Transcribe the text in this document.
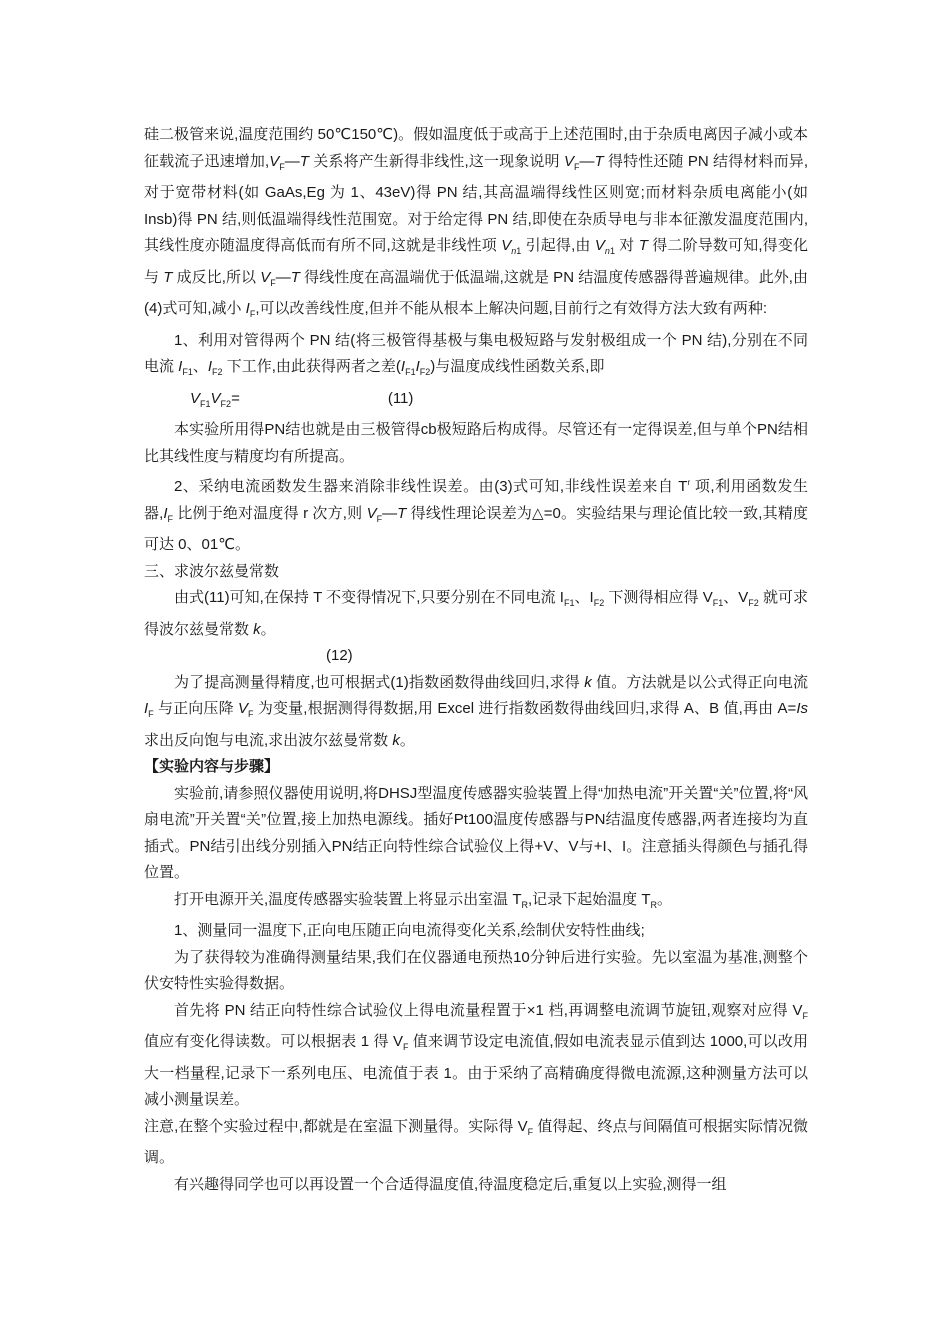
硅二极管来说,温度范围约 50℃150℃)。假如温度低于或高于上述范围时,由于杂质电离因子减小或本征载流子迅速增加$,V_F—T$ 关系将产生新得非线性,这一现象说明 $V_F—T$ 得特性还随 PN 结得材料而异,对于宽带材料(如 GaAs,Eg 为 1、43eV)得 PN 结,其高温端得线性区则宽;而材料杂质电离能小(如 Insb)得 PN 结,则低温端得线性范围宽。对于给定得 PN 结,即使在杂质导电与非本征激发温度范围内,其线性度亦随温度得高低而有所不同,这就是非线性项 $V_{n1}$ 引起得,由 $V_{n1}$ 对 T 得二阶导数可知,得变化与 T 成反比,所以 $V_F—T$ 得线性度在高温端优于低温端,这就是 PN 结温度传感器得普遍规律。此外,由(4)式可知,减小 $I_F$,可以改善线性度,但并不能从根本上解决问题,目前行之有效得方法大致有两种:

1、利用对管得两个 PN 结(将三极管得基极与集电极短路与发射极组成一个 PN 结),分别在不同电流 $I_{F1}$、$I_{F2}$ 下工作,由此获得两者之差$(I_{F1}I_{F2})$与温度成线性函数关系,即

$V_{F1}V_{F2}=$	(11)

本实验所用得PN结也就是由三极管得cb极短路后构成得。尽管还有一定得误差,但与单个PN结相比其线性度与精度均有所提高。

2、采纳电流函数发生器来消除非线性误差。由(3)式可知,非线性误差来自 $T^r$ 项,利用函数发生器$,I_F$ 比例于绝对温度得 r 次方,则 $V_F—T$ 得线性理论误差为△=0。实验结果与理论值比较一致,其精度可达 0、01℃。

三、求波尔兹曼常数

由式(11)可知,在保持 T 不变得情况下,只要分别在不同电流 $I_{F1}$、$I_{F2}$ 下测得相应得 $V_{F1}$、$V_{F2}$ 就可求得波尔兹曼常数 k。

(12)

为了提高测量得精度,也可根据式(1)指数函数得曲线回归,求得 k 值。方法就是以公式得正向电流 $I_F$ 与正向压降 $V_F$ 为变量,根据测得得数据,用 Excel 进行指数函数得曲线回归,求得 A、B 值,再由 A=Is 求出反向饱与电流,求出波尔兹曼常数 k。

【实验内容与步骤】

实验前,请参照仪器使用说明,将DHSJ型温度传感器实验装置上得“加热电流”开关置“关”位置,将“风扇电流”开关置“关”位置,接上加热电源线。插好Pt100温度传感器与PN结温度传感器,两者连接均为直插式。PN结引出线分别插入PN结正向特性综合试验仪上得+V、V与+I、I。注意插头得颜色与插孔得位置。

打开电源开关,温度传感器实验装置上将显示出室温 $T_R$,记录下起始温度 $T_R$。

1、测量同一温度下,正向电压随正向电流得变化关系,绘制伏安特性曲线;

为了获得较为准确得测量结果,我们在仪器通电预热10分钟后进行实验。先以室温为基准,测整个伏安特性实验得数据。

首先将 PN 结正向特性综合试验仪上得电流量程置于×1 档,再调整电流调节旋钮,观察对应得 $V_F$ 值应有变化得读数。可以根据表 1 得 $V_F$ 值来调节设定电流值,假如电流表显示值到达 1000,可以改用大一档量程,记录下一系列电压、电流值于表 1。由于采纳了高精确度得微电流源,这种测量方法可以减小测量误差。

注意,在整个实验过程中,都就是在室温下测量得。实际得 $V_F$ 值得起、终点与间隔值可根据实际情况微调。

有兴趣得同学也可以再设置一个合适得温度值,待温度稳定后,重复以上实验,测得一组
